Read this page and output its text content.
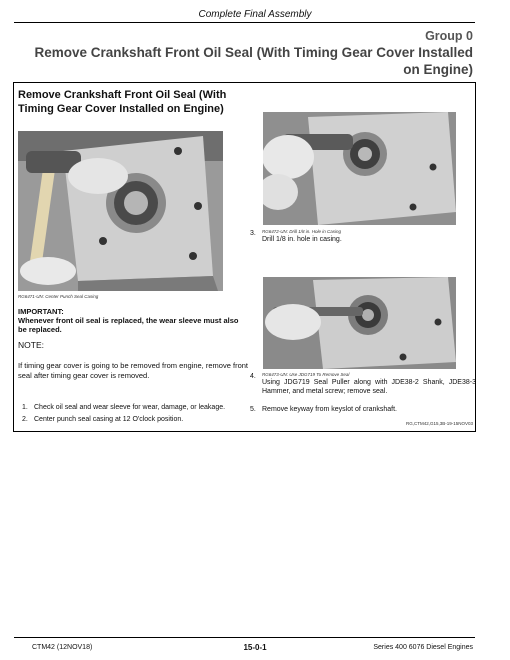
Complete Final Assembly
Group 0
Remove Crankshaft Front Oil Seal (With Timing Gear Cover Installed on Engine)
Remove Crankshaft Front Oil Seal (With Timing Gear Cover Installed on Engine)
RG6471-UN: Center Punch Seal Casing
3. RG6472-UN: Drill 1/8 in. Hole in Casing
Drill 1/8 in. hole in casing.
4. RG6473-UN: Use JDG719 To Remove Seal
Using JDG719 Seal Puller along with JDE38-2 Shank, JDE38-3 Hammer, and metal screw; remove seal.
5. Remove keyway from keyslot of crankshaft.
IMPORTANT:
Whenever front oil seal is replaced, the wear sleeve must also be replaced.
NOTE:
If timing gear cover is going to be removed from engine, remove front seal after timing gear cover is removed.
1. Check oil seal and wear sleeve for wear, damage, or leakage.
2. Center punch seal casing at 12 O'clock position.
RG,CTM42,G15,3B-19-15NOV03
CTM42 (12NOV18)	15-0-1	Series 400 6076 Diesel Engines
